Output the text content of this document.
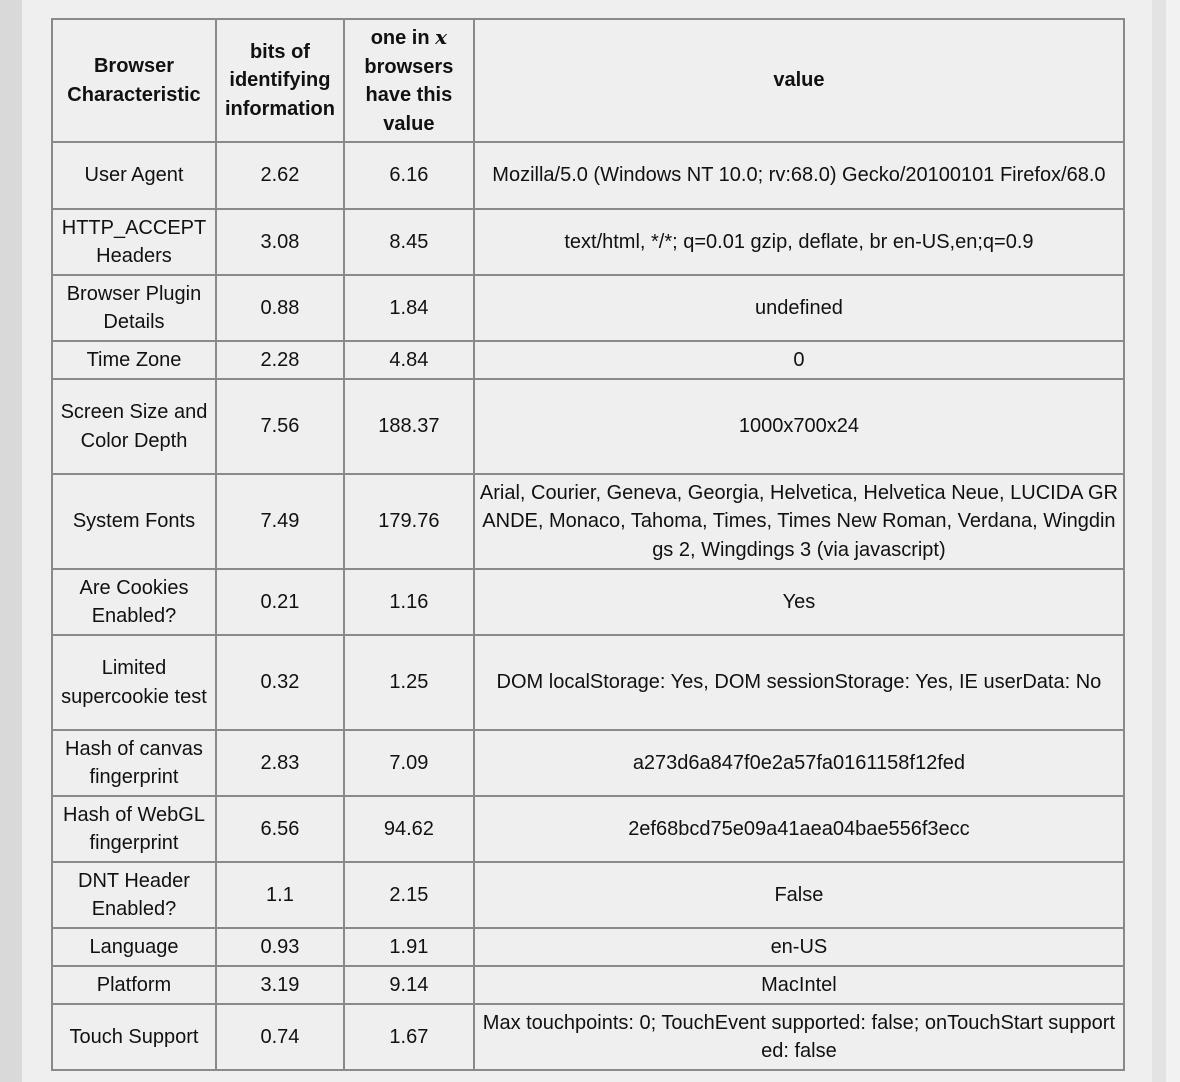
Browser Characteristic	bits of identifying information	one in x browsers have this value	value
User Agent	2.62	6.16	Mozilla/5.0 (Windows NT 10.0; rv:68.0) Gecko/20100101 Firefox/68.0
HTTP_ACCEPT Headers	3.08	8.45	text/html, */*; q=0.01 gzip, deflate, br en-US,en;q=0.9
Browser Plugin Details	0.88	1.84	undefined
Time Zone	2.28	4.84	0
Screen Size and Color Depth	7.56	188.37	1000x700x24
System Fonts	7.49	179.76	Arial, Courier, Geneva, Georgia, Helvetica, Helvetica Neue, LUCIDA GRANDE, Monaco, Tahoma, Times, Times New Roman, Verdana, Wingdings 2, Wingdings 3 (via javascript)
Are Cookies Enabled?	0.21	1.16	Yes
Limited supercookie test	0.32	1.25	DOM localStorage: Yes, DOM sessionStorage: Yes, IE userData: No
Hash of canvas fingerprint	2.83	7.09	a273d6a847f0e2a57fa0161158f12fed
Hash of WebGL fingerprint	6.56	94.62	2ef68bcd75e09a41aea04bae556f3ecc
DNT Header Enabled?	1.1	2.15	False
Language	0.93	1.91	en-US
Platform	3.19	9.14	MacIntel
Touch Support	0.74	1.67	Max touchpoints: 0; TouchEvent supported: false; onTouchStart supported: false
